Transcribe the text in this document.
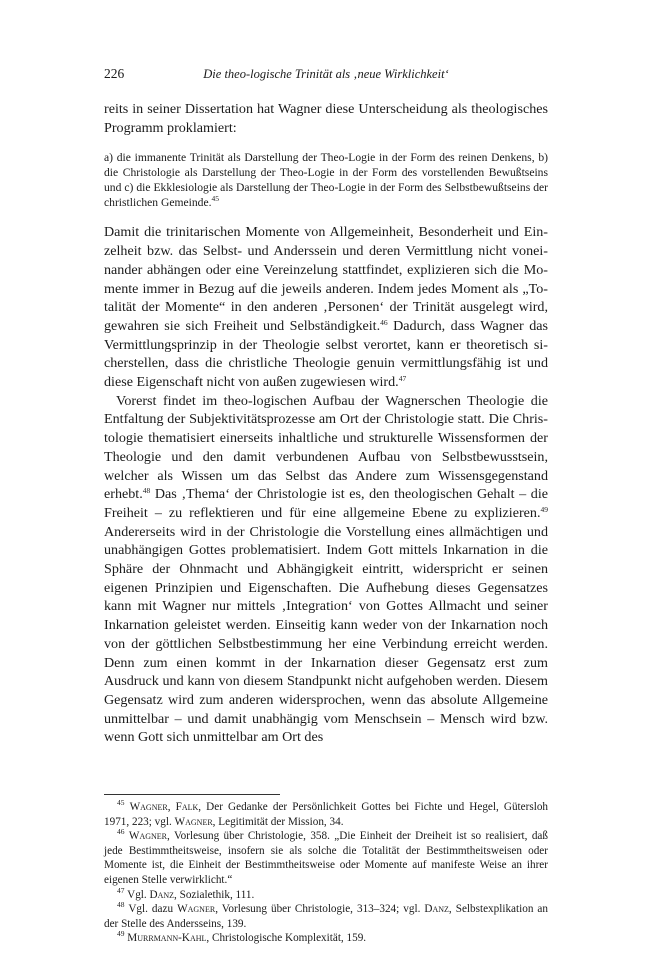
226	Die theo-logische Trinität als ‚neue Wirklichkeit‘

reits in seiner Dissertation hat Wagner diese Unterscheidung als theologisches Programm proklamiert:

a) die immanente Trinität als Darstellung der Theo-Logie in der Form des reinen Denkens, b) die Christologie als Darstellung der Theo-Logie in der Form des vorstellenden Bewußtseins und c) die Ekklesiologie als Darstellung der Theo-Logie in der Form des Selbstbewußtseins der christlichen Gemeinde.$^{45}$

Damit die trinitarischen Momente von Allgemeinheit, Besonderheit und Einzelheit bzw. das Selbst- und Anderssein und deren Vermittlung nicht voneinander abhängen oder eine Vereinzelung stattfindet, explizieren sich die Momente immer in Bezug auf die jeweils anderen. Indem jedes Moment als „Totalität der Momente“ in den anderen ‚Personen‘ der Trinität ausgelegt wird, gewahren sie sich Freiheit und Selbständigkeit.$^{46}$ Dadurch, dass Wagner das Vermittlungsprinzip in der Theologie selbst verortet, kann er theoretisch sicherstellen, dass die christliche Theologie genuin vermittlungsfähig ist und diese Eigenschaft nicht von außen zugewiesen wird.$^{47}$

Vorerst findet im theo-logischen Aufbau der Wagnerschen Theologie die Entfaltung der Subjektivitätsprozesse am Ort der Christologie statt. Die Christologie thematisiert einerseits inhaltliche und strukturelle Wissensformen der Theologie und den damit verbundenen Aufbau von Selbstbewusstsein, welcher als Wissen um das Selbst das Andere zum Wissensgegenstand erhebt.$^{48}$ Das ‚Thema‘ der Christologie ist es, den theologischen Gehalt – die Freiheit – zu reflektieren und für eine allgemeine Ebene zu explizieren.$^{49}$ Andererseits wird in der Christologie die Vorstellung eines allmächtigen und unabhängigen Gottes problematisiert. Indem Gott mittels Inkarnation in die Sphäre der Ohnmacht und Abhängigkeit eintritt, widerspricht er seinen eigenen Prinzipien und Eigenschaften. Die Aufhebung dieses Gegensatzes kann mit Wagner nur mittels ‚Integration‘ von Gottes Allmacht und seiner Inkarnation geleistet werden. Einseitig kann weder von der Inkarnation noch von der göttlichen Selbstbestimmung her eine Verbindung erreicht werden. Denn zum einen kommt in der Inkarnation dieser Gegensatz erst zum Ausdruck und kann von diesem Standpunkt nicht aufgehoben werden. Diesem Gegensatz wird zum anderen widersprochen, wenn das absolute Allgemeine unmittelbar – und damit unabhängig vom Menschsein – Mensch wird bzw. wenn Gott sich unmittelbar am Ort des

$^{45}$ Wagner, Falk, Der Gedanke der Persönlichkeit Gottes bei Fichte und Hegel, Gütersloh 1971, 223; vgl. Wagner, Legitimität der Mission, 34.

$^{46}$ Wagner, Vorlesung über Christologie, 358. „Die Einheit der Dreiheit ist so realisiert, daß jede Bestimmtheitsweise, insofern sie als solche die Totalität der Bestimmtheitsweisen oder Momente ist, die Einheit der Bestimmtheitsweise oder Momente auf manifeste Weise an ihrer eigenen Stelle verwirklicht.“

$^{47}$ Vgl. Danz, Sozialethik, 111.

$^{48}$ Vgl. dazu Wagner, Vorlesung über Christologie, 313–324; vgl. Danz, Selbstexplikation an der Stelle des Andersseins, 139.

$^{49}$ Murrmann-Kahl, Christologische Komplexität, 159.
